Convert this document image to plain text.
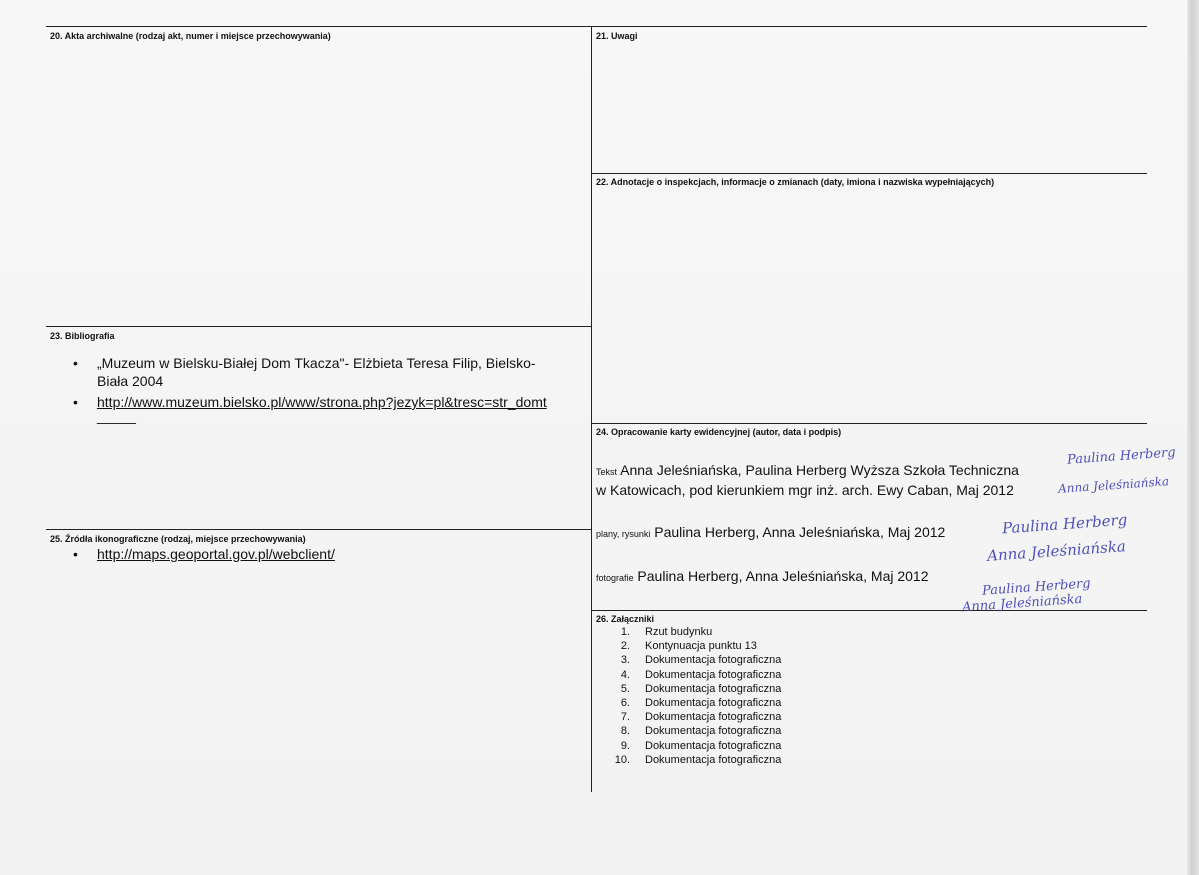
20. Akta archiwalne (rodzaj akt, numer i miejsce przechowywania)	21. Uwagi
22. Adnotacje o inspekcjach, informacje o zmianach (daty, imiona i nazwiska wypełniających)
23. Bibliografia
24. Opracowanie karty ewidencyjnej (autor, data i podpis)
25. Źródła ikonograficzne (rodzaj, miejsce przechowywania)
26. Załączniki
• „Muzeum w Bielsku-Białej Dom Tkacza"- Elżbieta Teresa Filip, Bielsko-
Biała 2004
• http://www.muzeum.bielsko.pl/www/strona.php?jezyk=pl&tresc=str_domt
_____
• http://maps.geoportal.gov.pl/webclient/
Tekst Anna Jeleśniańska, Paulina Herberg Wyższa Szkoła Techniczna
w Katowicach, pod kierunkiem mgr inż. arch. Ewy Caban, Maj 2012
plany, rysunki Paulina Herberg, Anna Jeleśniańska, Maj 2012
fotografie Paulina Herberg, Anna Jeleśniańska, Maj 2012
Paulina Herberg
Anna Jeleśniańska
Paulina Herberg
Anna Jeleśniańska
Paulina Herberg
Anna Jeleśniańska
1. Rzut budynku
2. Kontynuacja punktu 13
3. Dokumentacja fotograficzna
4. Dokumentacja fotograficzna
5. Dokumentacja fotograficzna
6. Dokumentacja fotograficzna
7. Dokumentacja fotograficzna
8. Dokumentacja fotograficzna
9. Dokumentacja fotograficzna
10. Dokumentacja fotograficzna
